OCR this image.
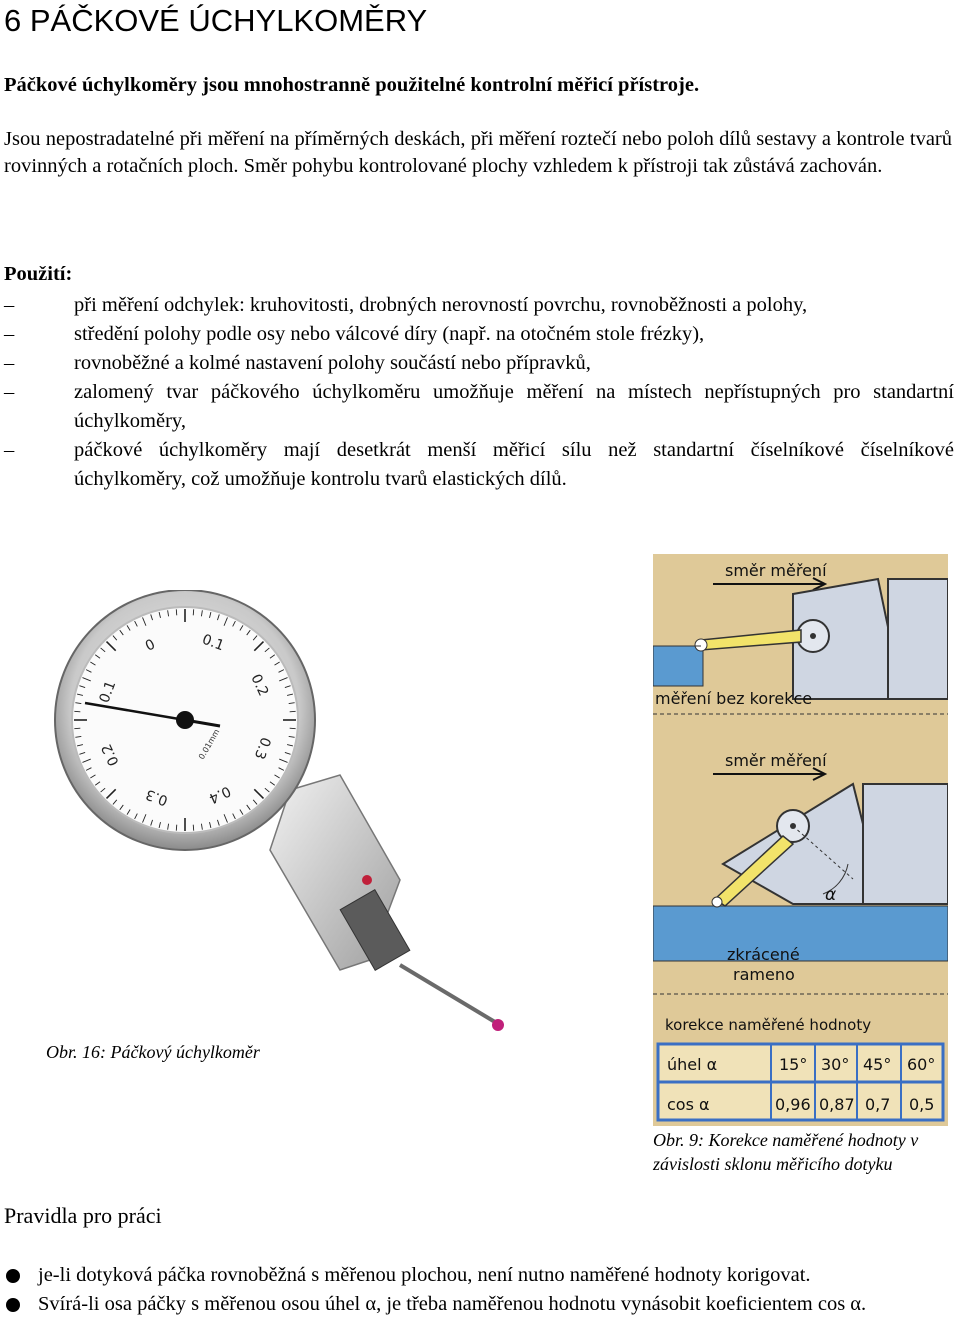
6 PÁČKOVÉ ÚCHYLKOMĚRY

Páčkové úchylkoměry jsou mnohostranně použitelné kontrolní měřicí přístroje.

Jsou nepostradatelné při měření na příměrných deskách, při měření roztečí nebo poloh dílů sestavy a kontrole tvarů rovinných a rotačních ploch. Směr pohybu kontrolované plochy vzhledem k přístroji tak zůstává zachován.

Použití:

–	při měření odchylek: kruhovitosti, drobných nerovností povrchu, rovnoběžnosti a polohy,
–	středění polohy podle osy nebo válcové díry (např. na otočném stole frézky),
–	rovnoběžné a kolmé nastavení polohy součástí nebo přípravků,
–	zalomený tvar páčkového úchylkoměru umožňuje měření na místech nepřístupných pro standartní úchylkoměry,
–	páčkové úchylkoměry mají desetkrát menší měřicí sílu než standartní číselníkové číselníkové úchylkoměry, což umožňuje kontrolu tvarů elastických dílů.
0	0.1
0.2
0.3
0.4
0.3
0.2
0.1
0.01mm

Obr. 16: Páčkový úchylkoměr

směr měření
měření bez korekce
směr měření
α
zkrácené
rameno
korekce naměřené hodnoty
úhel α	15° 30° 45° 60°
cos α	0,96 0,87 0,7 0,5

Obr. 9: Korekce naměřené hodnoty v závislosti sklonu měřicího dotyku

Pravidla pro práci

je-li dotyková páčka rovnoběžná s měřenou plochou, není nutno naměřené hodnoty korigovat.
Svírá-li osa páčky s měřenou osou úhel α, je třeba naměřenou hodnotu vynásobit koeficientem cos α.
